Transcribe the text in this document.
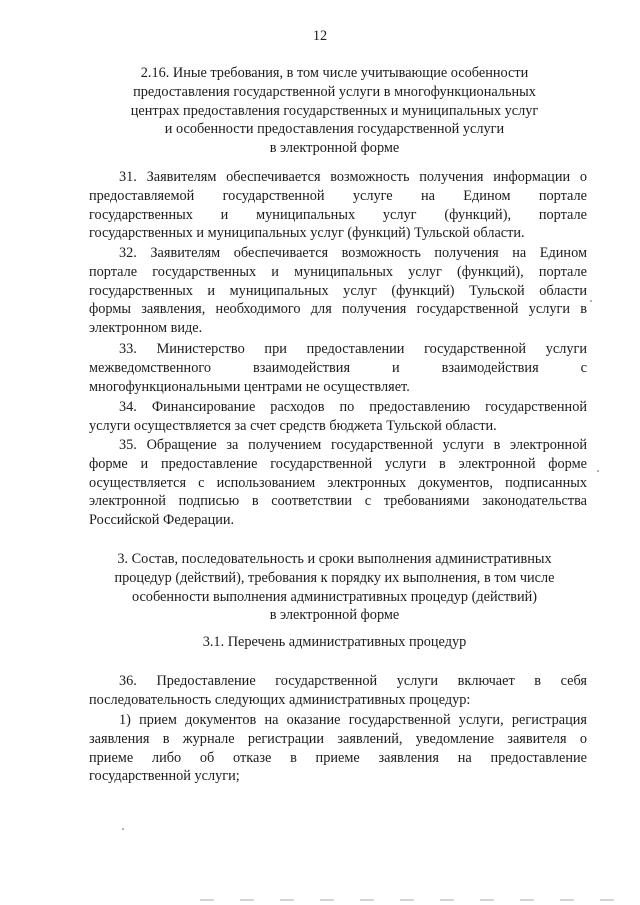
12
2.16. Иные требования, в том числе учитывающие особенности
предоставления государственной услуги в многофункциональных
центрах предоставления государственных и муниципальных услуг
и особенности предоставления государственной услуги
в электронной форме
31. Заявителям обеспечивается возможность получения информации о
предоставляемой государственной услуге на Едином портале
государственных и муниципальных услуг (функций), портале
государственных и муниципальных услуг (функций) Тульской области.
32. Заявителям обеспечивается возможность получения на Едином
портале государственных и муниципальных услуг (функций), портале
государственных и муниципальных услуг (функций) Тульской области
формы заявления, необходимого для получения государственной услуги в
электронном виде.
33. Министерство при предоставлении государственной услуги
межведомственного взаимодействия и взаимодействия с
многофункциональными центрами не осуществляет.
34. Финансирование расходов по предоставлению государственной
услуги осуществляется за счет средств бюджета Тульской области.
35. Обращение за получением государственной услуги в электронной
форме и предоставление государственной услуги в электронной форме
осуществляется с использованием электронных документов, подписанных
электронной подписью в соответствии с требованиями законодательства
Российской Федерации.
3. Состав, последовательность и сроки выполнения административных
процедур (действий), требования к порядку их выполнения, в том числе
особенности выполнения административных процедур (действий)
в электронной форме
3.1. Перечень административных процедур
36. Предоставление государственной услуги включает в себя
последовательность следующих административных процедур:
1) прием документов на оказание государственной услуги, регистрация
заявления в журнале регистрации заявлений, уведомление заявителя о
приеме либо об отказе в приеме заявления на предоставление
государственной услуги;
